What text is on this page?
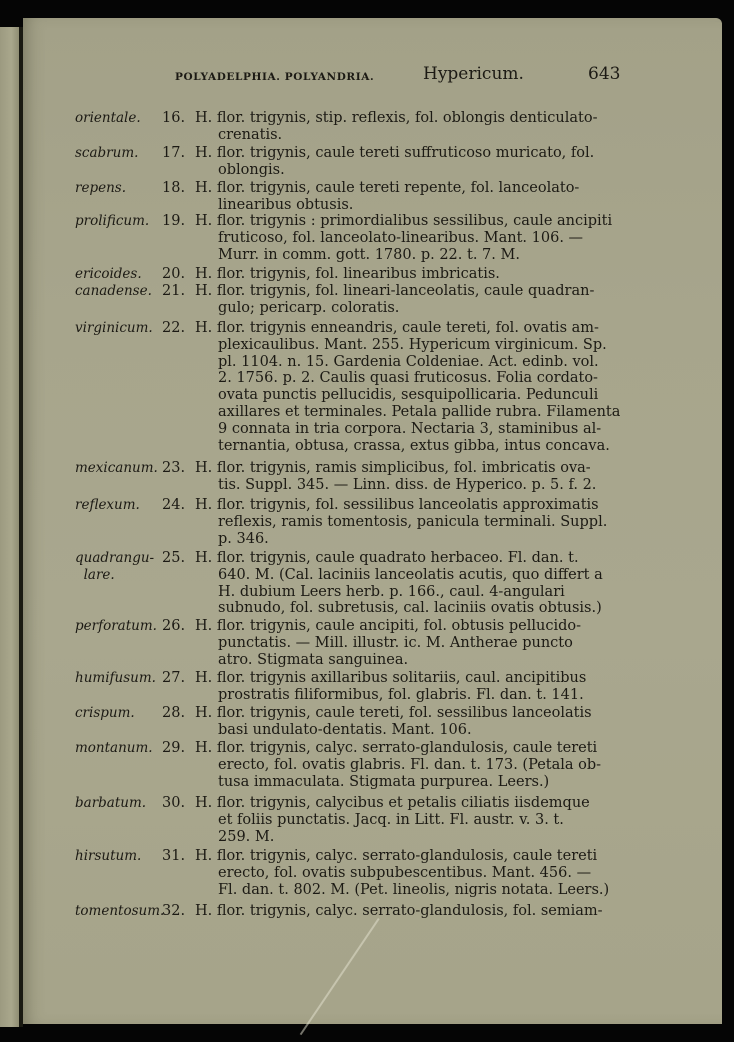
POLYADELPHIA. POLYANDRIA.	Hypericum.	643
orientale. 16. H. flor. trigynis, stip. reflexis, fol. oblongis denticulato-
crenatis.
scabrum. 17. H. flor. trigynis, caule tereti suffruticoso muricato, fol.
oblongis.
repens. 18. H. flor. trigynis, caule tereti repente, fol. lanceolato-
linearibus obtusis.
prolificum. 19. H. flor. trigynis : primordialibus sessilibus, caule ancipiti
fruticoso, fol. lanceolato-linearibus. Mant. 106. —
Murr. in comm. gott. 1780. p. 22. t. 7. M.
ericoides. 20. H. flor. trigynis, fol. linearibus imbricatis.
canadense. 21. H. flor. trigynis, fol. lineari-lanceolatis, caule quadran-
gulo; pericarp. coloratis.
virginicum. 22. H. flor. trigynis enneandris, caule tereti, fol. ovatis am-
plexicaulibus. Mant. 255. Hypericum virginicum. Sp.
pl. 1104. n. 15. Gardenia Coldeniae. Act. edinb. vol.
2. 1756. p. 2. Caulis quasi fruticosus. Folia cordato-
ovata punctis pellucidis, sesquipollicaria. Pedunculi
axillares et terminales. Petala pallide rubra. Filamenta
9 connata in tria corpora. Nectaria 3, staminibus al-
ternantia, obtusa, crassa, extus gibba, intus concava.
mexicanum. 23. H. flor. trigynis, ramis simplicibus, fol. imbricatis ova-
tis. Suppl. 345. — Linn. diss. de Hyperico. p. 5. f. 2.
reflexum. 24. H. flor. trigynis, fol. sessilibus lanceolatis approximatis
reflexis, ramis tomentosis, panicula terminali. Suppl.
p. 346.
quadrangu-
lare.
25. H. flor. trigynis, caule quadrato herbaceo. Fl. dan. t.
640. M. (Cal. laciniis lanceolatis acutis, quo differt a
H. dubium Leers herb. p. 166., caul. 4-angulari
subnudo, fol. subretusis, cal. laciniis ovatis obtusis.)
perforatum. 26. H. flor. trigynis, caule ancipiti, fol. obtusis pellucido-
punctatis. — Mill. illustr. ic. M. Antherae puncto
atro. Stigmata sanguinea.
humifusum. 27. H. flor. trigynis axillaribus solitariis, caul. ancipitibus
prostratis filiformibus, fol. glabris. Fl. dan. t. 141.
crispum. 28. H. flor. trigynis, caule tereti, fol. sessilibus lanceolatis
basi undulato-dentatis. Mant. 106.
montanum. 29. H. flor. trigynis, calyc. serrato-glandulosis, caule tereti
erecto, fol. ovatis glabris. Fl. dan. t. 173. (Petala ob-
tusa immaculata. Stigmata purpurea. Leers.)
barbatum. 30. H. flor. trigynis, calycibus et petalis ciliatis iisdemque
et foliis punctatis. Jacq. in Litt. Fl. austr. v. 3. t.
259. M.
hirsutum. 31. H. flor. trigynis, calyc. serrato-glandulosis, caule tereti
erecto, fol. ovatis subpubescentibus. Mant. 456. —
Fl. dan. t. 802. M. (Pet. lineolis, nigris notata. Leers.)
tomentosum.
32. H. flor. trigynis, calyc. serrato-glandulosis, fol. semiam-
